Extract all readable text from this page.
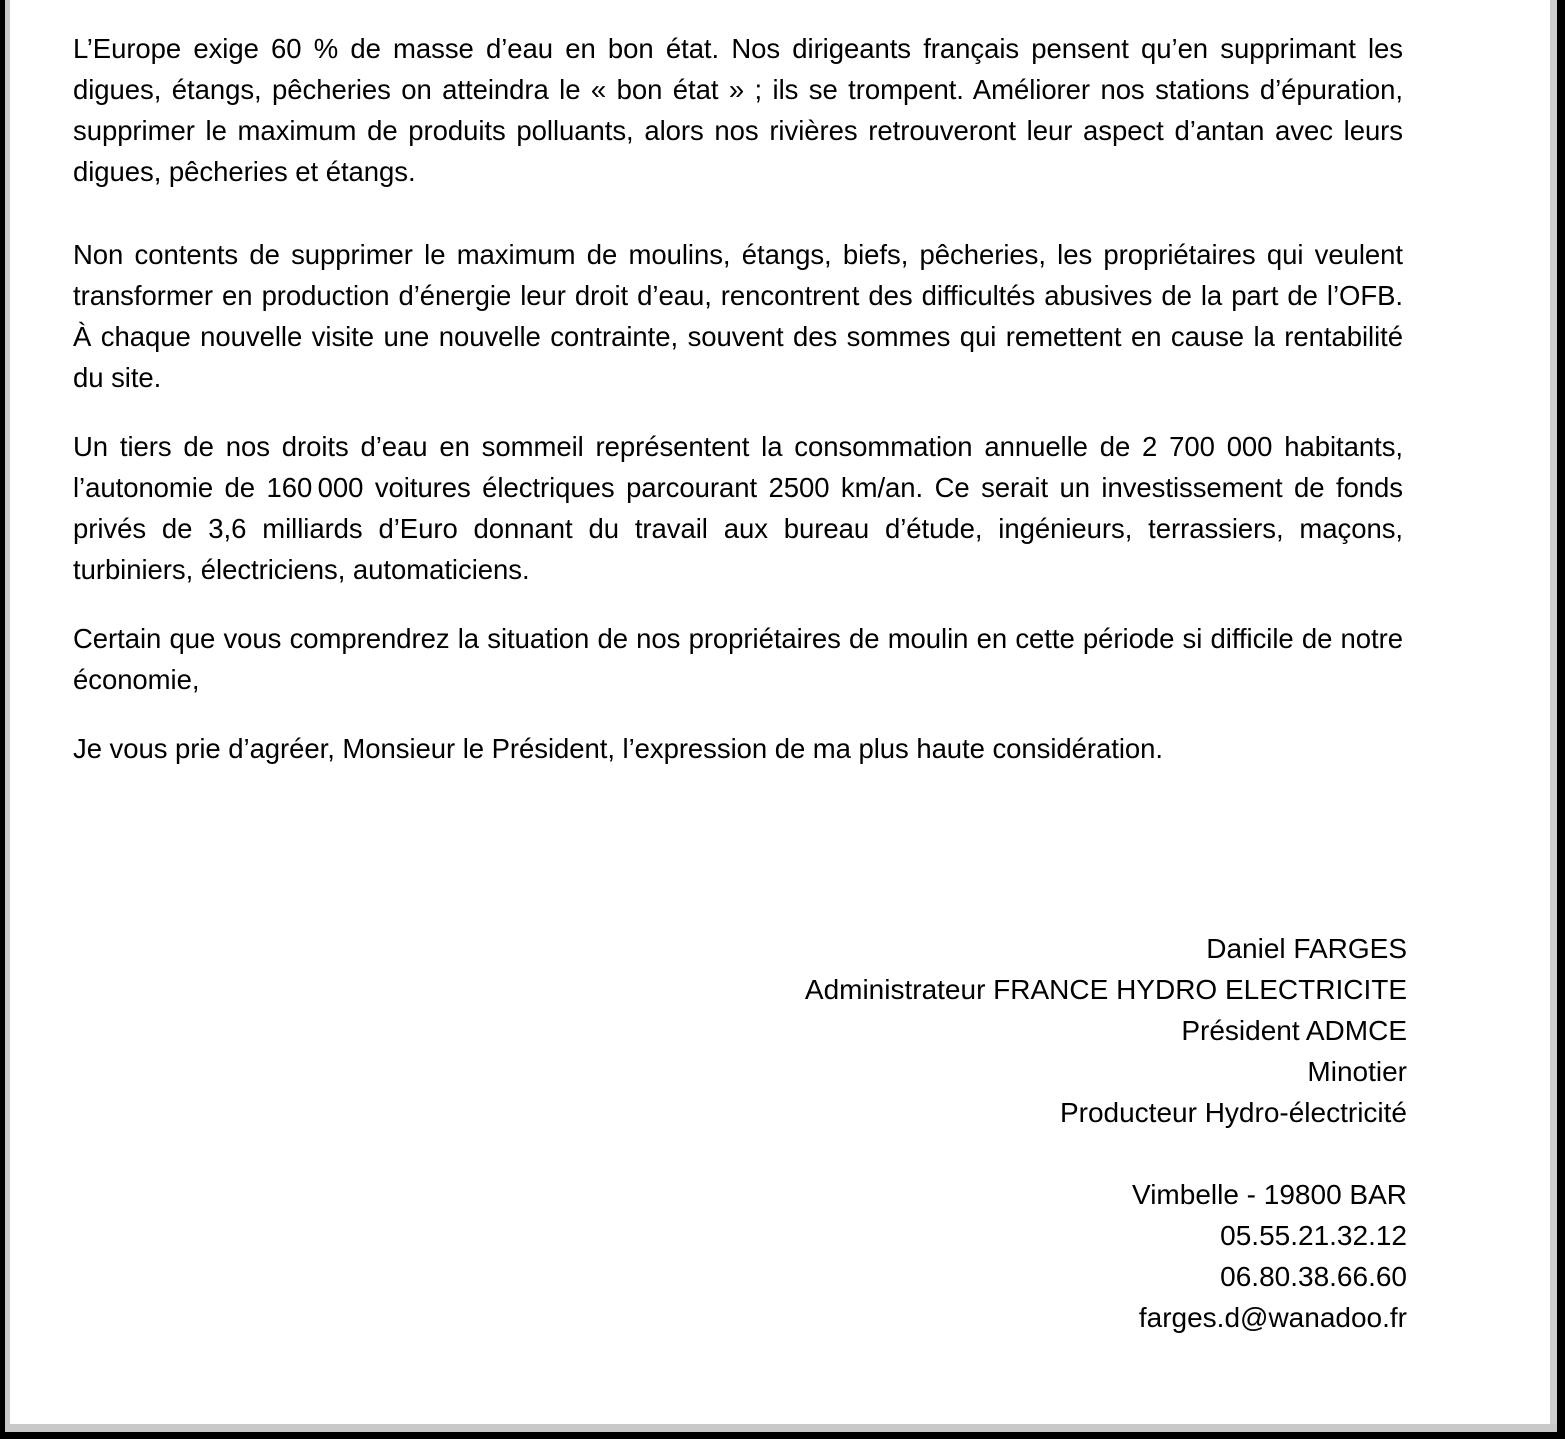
L’Europe exige 60 % de masse d’eau en bon état. Nos dirigeants français pensent qu’en supprimant les digues, étangs, pêcheries on atteindra le « bon état » ; ils se trompent. Améliorer nos stations d’épuration, supprimer le maximum de produits polluants, alors nos rivières retrouveront leur aspect d’antan avec leurs digues, pêcheries et étangs.

Non contents de supprimer le maximum de moulins, étangs, biefs, pêcheries, les propriétaires qui veulent transformer en production d’énergie leur droit d’eau, rencontrent des difficultés abusives de la part de l’OFB. À chaque nouvelle visite une nouvelle contrainte, souvent des sommes qui remettent en cause la rentabilité du site.

Un tiers de nos droits d’eau en sommeil représentent la consommation annuelle de 2 700 000 habitants, l’autonomie de 160 000 voitures électriques parcourant 2500 km/an. Ce serait un investissement de fonds privés de 3,6 milliards d’Euro donnant du travail aux bureau d’étude, ingénieurs, terrassiers, maçons, turbiniers, électriciens, automaticiens.

Certain que vous comprendrez la situation de nos propriétaires de moulin en cette période si difficile de notre économie,

Je vous prie d’agréer, Monsieur le Président, l’expression de ma plus haute considération.

Daniel FARGES
Administrateur FRANCE HYDRO ELECTRICITE
Président ADMCE
Minotier
Producteur Hydro-électricité
Vimbelle - 19800 BAR
05.55.21.32.12
06.80.38.66.60
farges.d@wanadoo.fr
